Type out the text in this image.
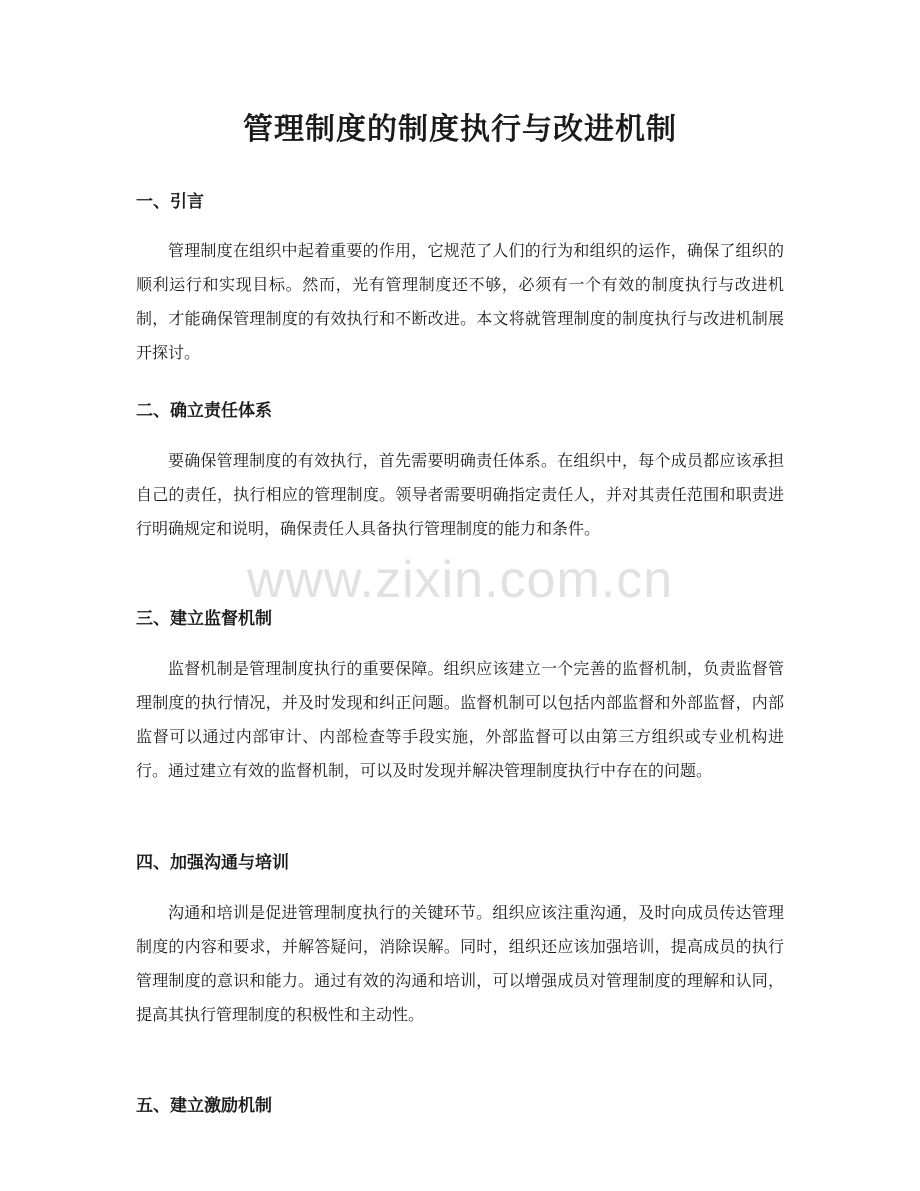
管理制度的制度执行与改进机制
一、引言
管理制度在组织中起着重要的作用，它规范了人们的行为和组织的运作，确保了组织的顺利运行和实现目标。然而，光有管理制度还不够，必须有一个有效的制度执行与改进机制，才能确保管理制度的有效执行和不断改进。本文将就管理制度的制度执行与改进机制展开探讨。
二、确立责任体系
要确保管理制度的有效执行，首先需要明确责任体系。在组织中，每个成员都应该承担自己的责任，执行相应的管理制度。领导者需要明确指定责任人，并对其责任范围和职责进行明确规定和说明，确保责任人具备执行管理制度的能力和条件。
三、建立监督机制
监督机制是管理制度执行的重要保障。组织应该建立一个完善的监督机制，负责监督管理制度的执行情况，并及时发现和纠正问题。监督机制可以包括内部监督和外部监督，内部监督可以通过内部审计、内部检查等手段实施，外部监督可以由第三方组织或专业机构进行。通过建立有效的监督机制，可以及时发现并解决管理制度执行中存在的问题。
四、加强沟通与培训
沟通和培训是促进管理制度执行的关键环节。组织应该注重沟通，及时向成员传达管理制度的内容和要求，并解答疑问，消除误解。同时，组织还应该加强培训，提高成员的执行管理制度的意识和能力。通过有效的沟通和培训，可以增强成员对管理制度的理解和认同，提高其执行管理制度的积极性和主动性。
五、建立激励机制
www.zixin.com.cn
